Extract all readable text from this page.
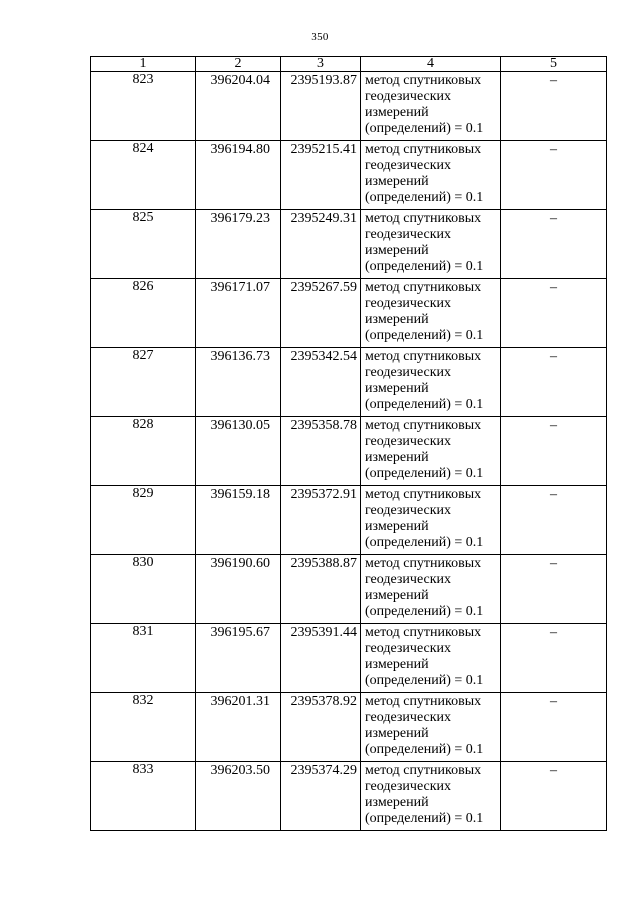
350
1	2	3	4	5
823	396204.04	2395193.87	метод спутниковых
геодезических
измерений
(определений) = 0.1	–
824	396194.80	2395215.41	метод спутниковых
геодезических
измерений
(определений) = 0.1	–
825	396179.23	2395249.31	метод спутниковых
геодезических
измерений
(определений) = 0.1	–
826	396171.07	2395267.59	метод спутниковых
геодезических
измерений
(определений) = 0.1	–
827	396136.73	2395342.54	метод спутниковых
геодезических
измерений
(определений) = 0.1	–
828	396130.05	2395358.78	метод спутниковых
геодезических
измерений
(определений) = 0.1	–
829	396159.18	2395372.91	метод спутниковых
геодезических
измерений
(определений) = 0.1	–
830	396190.60	2395388.87	метод спутниковых
геодезических
измерений
(определений) = 0.1	–
831	396195.67	2395391.44	метод спутниковых
геодезических
измерений
(определений) = 0.1	–
832	396201.31	2395378.92	метод спутниковых
геодезических
измерений
(определений) = 0.1	–
833	396203.50	2395374.29	метод спутниковых
геодезических
измерений
(определений) = 0.1	–
